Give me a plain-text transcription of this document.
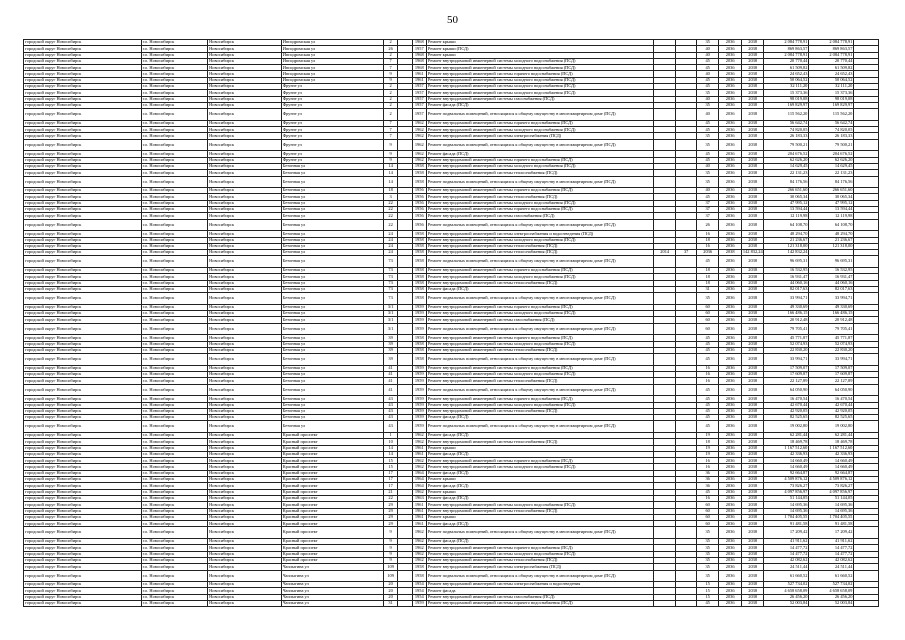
50
городской округ Новосибирск	г.о. Новосибирск	Новосибирск	Ипподромская ул	2		1968	Ремонт крыши			35	2036	2038	2 084 778,91	2 084 778,91	
городской округ Новосибирск	г.о. Новосибирск	Новосибирск	Ипподромская ул	26		1957	Ремонт крыши (ПСД)			40	2036	2038	869 863,57	869 863,57	
городской округ Новосибирск	г.о. Новосибирск	Новосибирск	Ипподромская ул	2		1968	Ремонт крыши			40	2036	2038	2 084 778,91	2 084 778,91	
городской округ Новосибирск	г.о. Новосибирск	Новосибирск	Ипподромская ул	7		1968	Ремонт внутридомовой инженерной системы холодного водоснабжения (ПСД)			45	2036	2038	20 770,44	20 770,44	
городской округ Новосибирск	г.о. Новосибирск	Новосибирск	Ипподромская ул	7		1968	Ремонт внутридомовой инженерной системы холодного водоснабжения (ПСД)			45	2036	2038	61 509,82	61 509,82	
городской округ Новосибирск	г.о. Новосибирск	Новосибирск	Ипподромская ул	9		1961	Ремонт внутридомовой инженерной системы горячего водоснабжения (ПСД)			40	2036	2038	24 652,43	24 652,43	
городской округ Новосибирск	г.о. Новосибирск	Новосибирск	Ипподромская ул	9		1961	Ремонт внутридомовой инженерной системы холодного водоснабжения (ПСД)			45	2036	2038	50 064,52	50 064,52	
городской округ Новосибирск	г.о. Новосибирск	Новосибирск	Фрунзе ул	2		1957	Ремонт внутридомовой инженерной системы холодного водоснабжения (ПСД)			45	2036	2038	32 111,20	32 111,20	
городской округ Новосибирск	г.о. Новосибирск	Новосибирск	Фрунзе ул	2		1957	Ремонт внутридомовой инженерной системы холодного водоснабжения (ПСД)			35	2036	2038	15 373,36	15 373,36	
городской округ Новосибирск	г.о. Новосибирск	Новосибирск	Фрунзе ул	2		1957	Ремонт внутридомовой инженерной системы газоснабжения (ПСД)			40	2036	2038	98 019,08	98 019,08	
городской округ Новосибирск	г.о. Новосибирск	Новосибирск	Фрунзе ул	2		1957	Ремонт фасада (ПСД)			35	2036	2038	169 829,97	169 829,97	
городской округ Новосибирск	г.о. Новосибирск	Новосибирск	Фрунзе ул	2		1957	Ремонт подвальных помещений, относящихся к общему имуществу в многоквартирном доме (ПСД)			40	2036	2038	115 562,20	115 562,20	
городской округ Новосибирск	г.о. Новосибирск	Новосибирск	Фрунзе ул	7		1962	Ремонт внутридомовой инженерной системы горячего водоснабжения (ПСД)			45	2036	2038	56 642,74	56 642,74	
городской округ Новосибирск	г.о. Новосибирск	Новосибирск	Фрунзе ул	7		1962	Ремонт внутридомовой инженерной системы холодного водоснабжения (ПСД)			45	2036	2038	74 820,05	74 820,05	
городской округ Новосибирск	г.о. Новосибирск	Новосибирск	Фрунзе ул	7		1962	Ремонт внутридомовой инженерной системы электроснабжения (ПСД)			35	2036	2038	26 183,33	26 183,33	
городской округ Новосибирск	г.о. Новосибирск	Новосибирск	Фрунзе ул	9		1962	Ремонт подвальных помещений, относящихся к общему имуществу в многоквартирном доме (ПСД)			35	2036	2038	79 500,21	79 500,21	
городской округ Новосибирск	г.о. Новосибирск	Новосибирск	Фрунзе ул	9		1962	Ремонт фасада (ПСД)			45	2036	2038	204 676,52	204 676,52	
городской округ Новосибирск	г.о. Новосибирск	Новосибирск	Фрунзе ул	9		1962	Ремонт внутридомовой инженерной системы горячего водоснабжения (ПСД)			45	2036	2038	62 626,20	62 626,20	
городской округ Новосибирск	г.о. Новосибирск	Новосибирск	Бетонная ул	14		1958	Ремонт внутридомовой инженерной системы холодного водоснабжения (ПСД)			40	2036	2038	14 629,45	14 629,45	
городской округ Новосибирск	г.о. Новосибирск	Новосибирск	Бетонная ул	14		1958	Ремонт внутридомовой инженерной системы теплоснабжения (ПСД)			35	2036	2038	22 131,23	22 131,23	
городской округ Новосибирск	г.о. Новосибирск	Новосибирск	Бетонная ул	14		1958	Ремонт подвальных помещений, относящихся к общему имуществу в многоквартирном доме (ПСД)			35	2036	2038	84 176,56	84 176,56	
городской округ Новосибирск	г.о. Новосибирск	Новосибирск	Бетонная ул	18		1956	Ремонт внутридомовой инженерной системы горячего водоснабжения (ПСД)			40	2036	2038	266 651,60	266 651,60	
городской округ Новосибирск	г.о. Новосибирск	Новосибирск	Бетонная ул	3		1956	Ремонт внутридомовой инженерной системы теплоснабжения (ПСД)			45	2036	2038	30 065,34	30 065,34	
городской округ Новосибирск	г.о. Новосибирск	Новосибирск	Бетонная ул	22		1956	Ремонт внутридомовой инженерной системы холодного водоснабжения (ПСД)			37	2036	2038	47 995,12	47 995,12	
городской округ Новосибирск	г.о. Новосибирск	Новосибирск	Бетонная ул	22		1956	Ремонт внутридомовой инженерной системы горячего водоснабжения (ПСД)			37	2036	2038	13 594,44	13 594,44	
городской округ Новосибирск	г.о. Новосибирск	Новосибирск	Бетонная ул	22		1956	Ремонт внутридомовой инженерной системы газоснабжения (ПСД)			37	2036	2038	12 119,98	12 119,98	
городской округ Новосибирск	г.о. Новосибирск	Новосибирск	Бетонная ул	22		1956	Ремонт подвальных помещений, относящихся к общему имуществу в многоквартирном доме (ПСД)			26	2036	2038	64 108,70	64 108,70	
городской округ Новосибирск	г.о. Новосибирск	Новосибирск	Бетонная ул	24		1958	Ремонт внутридомовой инженерной системы электроснабжения и водоотведения (ПСД)			16	2036	2038	48 294,70	48 294,70	
городской округ Новосибирск	г.о. Новосибирск	Новосибирск	Бетонная ул	24		1958	Ремонт внутридомовой инженерной системы холодного водоснабжения (ПСД)			18	2036	2038	21 236,67	21 236,67	
городской округ Новосибирск	г.о. Новосибирск	Новосибирск	Бетонная ул	24		1958	Ремонт внутридомовой инженерной системы теплоснабжения (ПСД)			16	2036	2038	121 318,00	121 318,00	
городской округ Новосибирск	г.о. Новосибирск	Новосибирск	Бетонная ул	24		1958	Ремонт внутридомовой инженерной системы теплоснабжения (ПСД)	2014	37	2036	2038	142 832,24	142 832,24		
городской округ Новосибирск	г.о. Новосибирск	Новосибирск	Бетонная ул	73		1958	Ремонт подвальных помещений, относящихся к общему имуществу в многоквартирном доме (ПСД)			45	2036	2038	96 695,31	96 695,31	
городской округ Новосибирск	г.о. Новосибирск	Новосибирск	Бетонная ул	73		1958	Ремонт внутридомовой инженерной системы горячего водоснабжения (ПСД)			18	2036	2038	16 532,95	16 532,95	
городской округ Новосибирск	г.о. Новосибирск	Новосибирск	Бетонная ул	73		1958	Ремонт внутридомовой инженерной системы холодного водоснабжения (ПСД)			18	2036	2038	16 931,47	16 931,47	
городской округ Новосибирск	г.о. Новосибирск	Новосибирск	Бетонная ул	73		1958	Ремонт внутридомовой инженерной системы теплоснабжения (ПСД)			18	2036	2038	44 060,16	44 060,16	
городской округ Новосибирск	г.о. Новосибирск	Новосибирск	Бетонная ул	73		1958	Ремонт фасада (ПСД)			31	2036	2038	82 017,63	82 017,63	
городской округ Новосибирск	г.о. Новосибирск	Новосибирск	Бетонная ул	73		1958	Ремонт подвальных помещений, относящихся к общему имуществу в многоквартирном доме (ПСД)			35	2036	2038	33 994,71	33 994,71	
городской округ Новосибирск	г.о. Новосибирск	Новосибирск	Бетонная ул	3/1		1959	Ремонт внутридомовой инженерной системы горячего водоснабжения (ПСД)			60	2036	2038	49 330,69	49 330,69	
городской округ Новосибирск	г.о. Новосибирск	Новосибирск	Бетонная ул	3/1		1959	Ремонт внутридомовой инженерной системы холодного водоснабжения (ПСД)			60	2036	2038	166 486,15	166 486,15	
городской округ Новосибирск	г.о. Новосибирск	Новосибирск	Бетонная ул	3/1		1959	Ремонт внутридомовой инженерной системы газоснабжения (ПСД)			60	2036	2038	20 912,48	20 912,48	
городской округ Новосибирск	г.о. Новосибирск	Новосибирск	Бетонная ул	3/1		1959	Ремонт подвальных помещений, относящихся к общему имуществу в многоквартирном доме (ПСД)			60	2036	2038	79 705,41	79 705,41	
городской округ Новосибирск	г.о. Новосибирск	Новосибирск	Бетонная ул	39		1958	Ремонт внутридомовой инженерной системы горячего водоснабжения (ПСД)			45	2036	2038	45 771,87	45 771,87	
городской округ Новосибирск	г.о. Новосибирск	Новосибирск	Бетонная ул	39		1958	Ремонт внутридомовой инженерной системы холодного водоснабжения (ПСД)			45	2036	2038	52 074,93	52 074,93	
городской округ Новосибирск	г.о. Новосибирск	Новосибирск	Бетонная ул	39		1958	Ремонт внутридомовой инженерной системы теплоснабжения (ПСД)			45	2036	2038	22 830,20	22 830,20	
городской округ Новосибирск	г.о. Новосибирск	Новосибирск	Бетонная ул	39		1958	Ремонт подвальных помещений, относящихся к общему имуществу в многоквартирном доме (ПСД)			45	2036	2038	33 994,71	33 994,71	
городской округ Новосибирск	г.о. Новосибирск	Новосибирск	Бетонная ул	41		1959	Ремонт внутридомовой инженерной системы горячего водоснабжения (ПСД)			16	2036	2038	17 509,07	17 509,07	
городской округ Новосибирск	г.о. Новосибирск	Новосибирск	Бетонная ул	41		1959	Ремонт внутридомовой инженерной системы холодного водоснабжения (ПСД)			16	2036	2038	17 609,87	17 609,87	
городской округ Новосибирск	г.о. Новосибирск	Новосибирск	Бетонная ул	41		1959	Ремонт внутридомовой инженерной системы теплоснабжения (ПСД)			16	2036	2038	22 127,89	22 127,89	
городской округ Новосибирск	г.о. Новосибирск	Новосибирск	Бетонная ул	41		1959	Ремонт подвальных помещений, относящихся к общему имуществу в многоквартирном доме (ПСД)			45	2036	2038	64 050,90	64 050,90	
городской округ Новосибирск	г.о. Новосибирск	Новосибирск	Бетонная ул	43		1959	Ремонт внутридомовой инженерной системы горячего водоснабжения (ПСД)			45	2036	2038	16 470,54	16 470,54	
городской округ Новосибирск	г.о. Новосибирск	Новосибирск	Бетонная ул	43		1959	Ремонт внутридомовой инженерной системы холодного водоснабжения (ПСД)			45	2036	2038	42 670,44	42 670,44	
городской округ Новосибирск	г.о. Новосибирск	Новосибирск	Бетонная ул	43		1959	Ремонт внутридомовой инженерной системы теплоснабжения (ПСД)			45	2036	2038	42 920,05	42 920,05	
городской округ Новосибирск	г.о. Новосибирск	Новосибирск	Бетонная ул	43		1959	Ремонт фасада (ПСД)			45	2036	2038	82 525,65	82 525,65	
городской округ Новосибирск	г.о. Новосибирск	Новосибирск	Бетонная ул	43		1959	Ремонт подвальных помещений, относящихся к общему имуществу в многоквартирном доме (ПСД)			45	2036	2038	19 002,80	19 002,80	
городской округ Новосибирск	г.о. Новосибирск	Новосибирск	Красный проспект	1		1962	Ремонт фасада (ПСД)			19	2036	2038	62 281,44	62 281,44	
городской округ Новосибирск	г.о. Новосибирск	Новосибирск	Красный проспект	10		1962	Ремонт внутридомовой инженерной системы теплоснабжения (ПСД)			18	2036	2038	18 469,78	18 469,78	
городской округ Новосибирск	г.о. Новосибирск	Новосибирск	Красный проспект	14		1961	Ремонт крыши			19	2036	2038	1 167 512,60	1 167 512,60	
городской округ Новосибирск	г.о. Новосибирск	Новосибирск	Красный проспект	14		1961	Ремонт фасада (ПСД)			19	2036	2038	42 336,93	42 336,93	
городской округ Новосибирск	г.о. Новосибирск	Новосибирск	Красный проспект	15		1962	Ремонт внутридомовой инженерной системы горячего водоснабжения (ПСД)			16	2036	2038	14 660,49	14 660,49	
городской округ Новосибирск	г.о. Новосибирск	Новосибирск	Красный проспект	15		1962	Ремонт внутридомовой инженерной системы холодного водоснабжения (ПСД)			16	2036	2038	14 660,49	14 660,49	
городской округ Новосибирск	г.о. Новосибирск	Новосибирск	Красный проспект	17		1964	Ремонт фасада (ПСД)			36	2036	2038	92 664,87	92 664,87	
городской округ Новосибирск	г.о. Новосибирск	Новосибирск	Красный проспект	17		1964	Ремонт крыши			36	2036	2038	4 509 876,12	4 509 876,12	
городской округ Новосибирск	г.о. Новосибирск	Новосибирск	Красный проспект	17		1964	Ремонт фасада (ПСД)			36	2036	2038	73 826,27	73 826,27	
городской округ Новосибирск	г.о. Новосибирск	Новосибирск	Красный проспект	21		1962	Ремонт крыши			45	2036	2038	4 097 856,97	4 097 856,97	
городской округ Новосибирск	г.о. Новосибирск	Новосибирск	Красный проспект	22		1963	Ремонт фасада (ПСД)			16	2036	2038	51 144,05	51 144,05	
городской округ Новосибирск	г.о. Новосибирск	Новосибирск	Красный проспект	29		1961	Ремонт внутридомовой инженерной системы холодного водоснабжения (ПСД)			60	2036	2038	14 695,36	14 695,36	
городской округ Новосибирск	г.о. Новосибирск	Новосибирск	Красный проспект	29		1961	Ремонт внутридомовой инженерной системы теплоснабжения (ПСД)			60	2036	2038	14 695,36	14 695,36	
городской округ Новосибирск	г.о. Новосибирск	Новосибирск	Красный проспект	29		1961	Ремонт крыши			60	2036	2038	1 704 405,55	1 704 405,55	
городской округ Новосибирск	г.о. Новосибирск	Новосибирск	Красный проспект	29		1961	Ремонт фасада (ПСД)			60	2036	2038	91 481,58	91 481,58	
городской округ Новосибирск	г.о. Новосибирск	Новосибирск	Красный проспект	9		1962	Ремонт подвальных помещений, относящихся к общему имуществу в многоквартирном доме (ПСД)			35	2036	2038	17 209,42	17 209,42	
городской округ Новосибирск	г.о. Новосибирск	Новосибирск	Красный проспект	9		1962	Ремонт фасада (ПСД)			35	2036	2038	41 911,62	41 911,62	
городской округ Новосибирск	г.о. Новосибирск	Новосибирск	Красный проспект	9		1962	Ремонт внутридомовой инженерной системы горячего водоснабжения (ПСД)			35	2036	2038	14 477,72	14 477,72	
городской округ Новосибирск	г.о. Новосибирск	Новосибирск	Красный проспект	9		1962	Ремонт внутридомовой инженерной системы холодного водоснабжения (ПСД)			35	2036	2038	14 477,72	14 477,72	
городской округ Новосибирск	г.о. Новосибирск	Новосибирск	Красный проспект	9		1962	Ремонт внутридомовой инженерной системы теплоснабжения (ПСД)			35	2036	2038	42 082,62	42 082,62	
городской округ Новосибирск	г.о. Новосибирск	Новосибирск	Чаплыгина ул	109		1958	Ремонт внутридомовой инженерной системы электроснабжения (ПСД)			35	2036	2038	24 511,44	24 511,44	
городской округ Новосибирск	г.о. Новосибирск	Новосибирск	Чаплыгина ул	109		1958	Ремонт подвальных помещений, относящихся к общему имуществу в многоквартирном доме (ПСД)			35	2036	2038	61 660,52	61 660,52	
городской округ Новосибирск	г.о. Новосибирск	Новосибирск	Чаплыгина ул	20		1954	Ремонт внутридомовой инженерной системы электроснабжения и водоотведения			15	2036	2038	527 734,02	527 734,02	
городской округ Новосибирск	г.о. Новосибирск	Новосибирск	Чаплыгина ул	20		1954	Ремонт фасада			15	2036	2038	4 658 658,09	4 658 658,09	
городской округ Новосибирск	г.о. Новосибирск	Новосибирск	Чаплыгина ул	20		1954	Ремонт внутридомовой инженерной системы газоснабжения (ПСД)			15	2036	2038	26 456,20	26 456,20	
городской округ Новосибирск	г.о. Новосибирск	Новосибирск	Чаплыгина ул	31		1959	Ремонт внутридомовой инженерной системы горячего водоснабжения (ПСД)			45	2036	2038	52 003,84	52 003,84	
